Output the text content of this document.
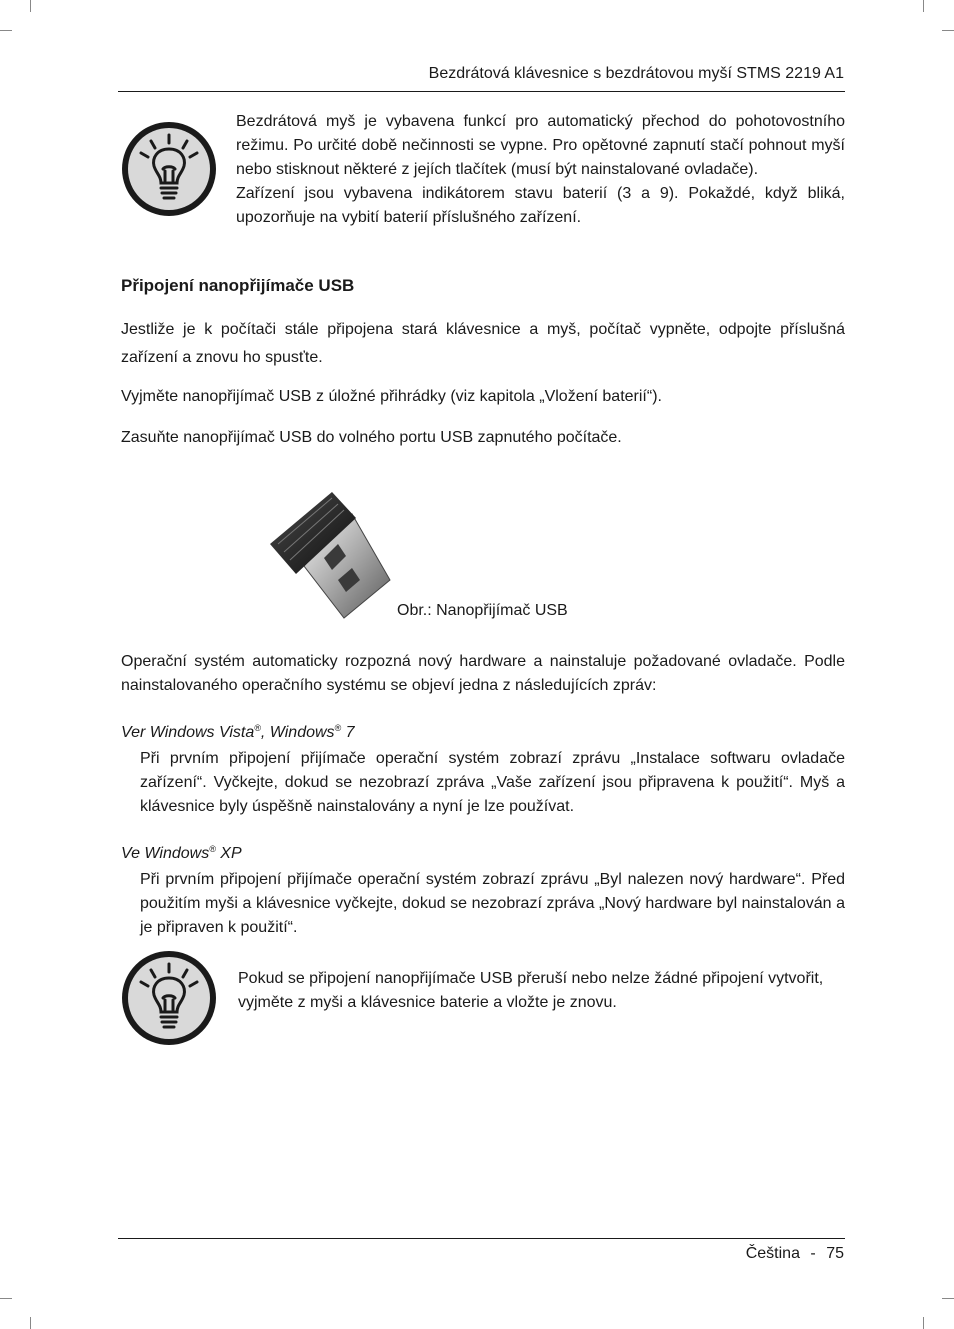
Bezdrátová klávesnice s bezdrátovou myší STMS 2219 A1

Bezdrátová myš je vybavena funkcí pro automatický přechod do pohotovostního režimu. Po určité době nečinnosti se vypne. Pro opětovné zapnutí stačí pohnout myší nebo stisknout některé z jejích tlačítek (musí být nainstalované ovladače).

Zařízení jsou vybavena indikátorem stavu baterií (3 a 9). Pokaždé, když bliká, upozorňuje na vybití baterií příslušného zařízení.

Připojení nanopřijímače USB

Jestliže je k počítači stále připojena stará klávesnice a myš, počítač vypněte, odpojte příslušná zařízení a znovu ho spusťte.

Vyjměte nanopřijímač USB z úložné přihrádky (viz kapitola „Vložení baterií“).

Zasuňte nanopřijímač USB do volného portu USB zapnutého počítače.

Obr.: Nanopřijímač USB

Operační systém automaticky rozpozná nový hardware a nainstaluje požadované ovladače. Podle nainstalovaného operačního systému se objeví jedna z následujících zpráv:

Ver Windows Vista®, Windows® 7

Při prvním připojení přijímače operační systém zobrazí zprávu „Instalace softwaru ovladače zařízení“. Vyčkejte, dokud se nezobrazí zpráva „Vaše zařízení jsou připravena k použití“. Myš a klávesnice byly úspěšně nainstalovány a nyní je lze používat.

Ve Windows® XP

Při prvním připojení přijímače operační systém zobrazí zprávu „Byl nalezen nový hardware“. Před použitím myši a klávesnice vyčkejte, dokud se nezobrazí zpráva „Nový hardware byl nainstalován a je připraven k použití“.

Pokud se připojení nanopřijímače USB přeruší nebo nelze žádné připojení vytvořit, vyjměte z myši a klávesnice baterie a vložte je znovu.

Čeština - 75
